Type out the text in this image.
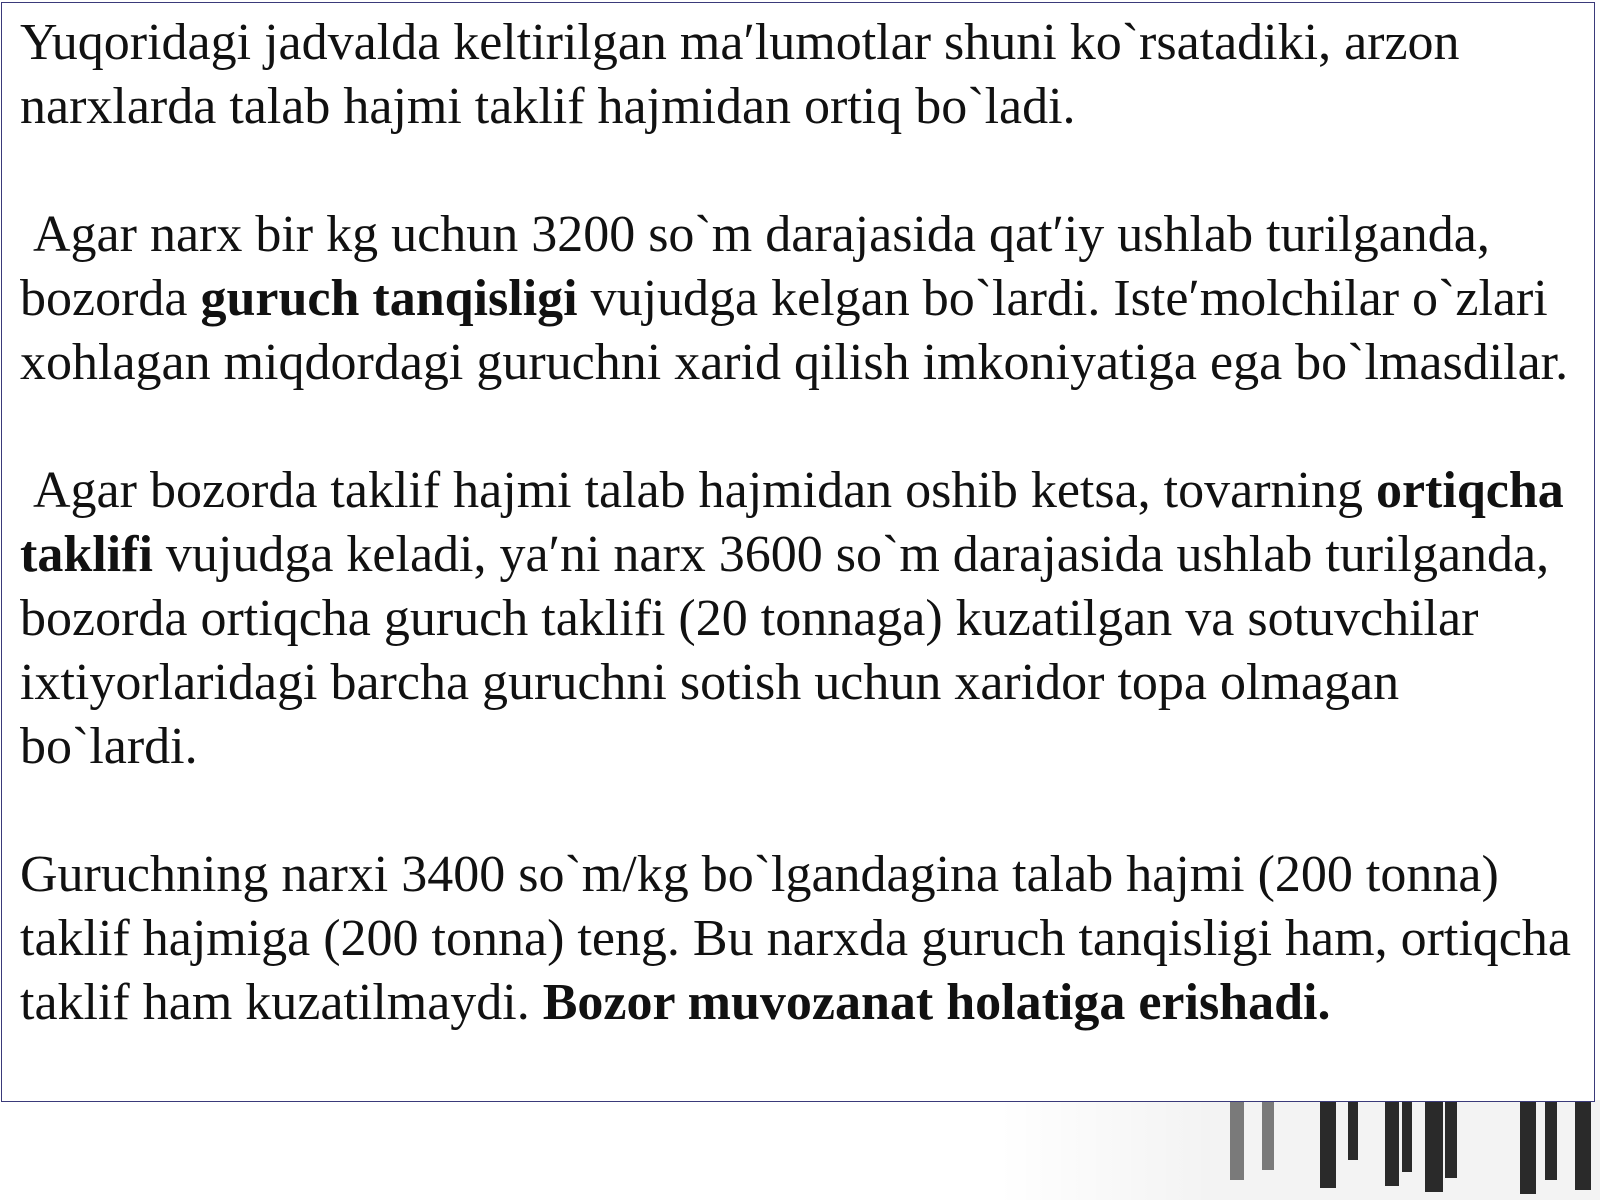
Yuqoridagi jadvalda keltirilgan ma′lumotlar shuni ko`rsatadiki, arzon narxlarda talab hajmi taklif hajmidan ortiq bo`ladi.

Agar narx bir kg uchun 3200 so`m darajasida qat′iy ushlab turilganda, bozorda guruch tanqisligi vujudga kelgan bo`lardi. Iste′molchilar o`zlari xohlagan miqdordagi guruchni xarid qilish imkoniyatiga ega bo`lmasdilar.

Agar bozorda taklif hajmi talab hajmidan oshib ketsa, tovarning ortiqcha taklifi vujudga keladi, ya′ni narx 3600 so`m darajasida ushlab turilganda, bozorda ortiqcha guruch taklifi (20 tonnaga) kuzatilgan va sotuvchilar ixtiyorlaridagi barcha guruchni sotish uchun xaridor topa olmagan bo`lardi.

Guruchning narxi 3400 so`m/kg bo`lgandagina talab hajmi (200 tonna) taklif hajmiga (200 tonna) teng. Bu narxda guruch tanqisligi ham, ortiqcha taklif ham kuzatilmaydi. Bozor muvozanat holatiga erishadi.
